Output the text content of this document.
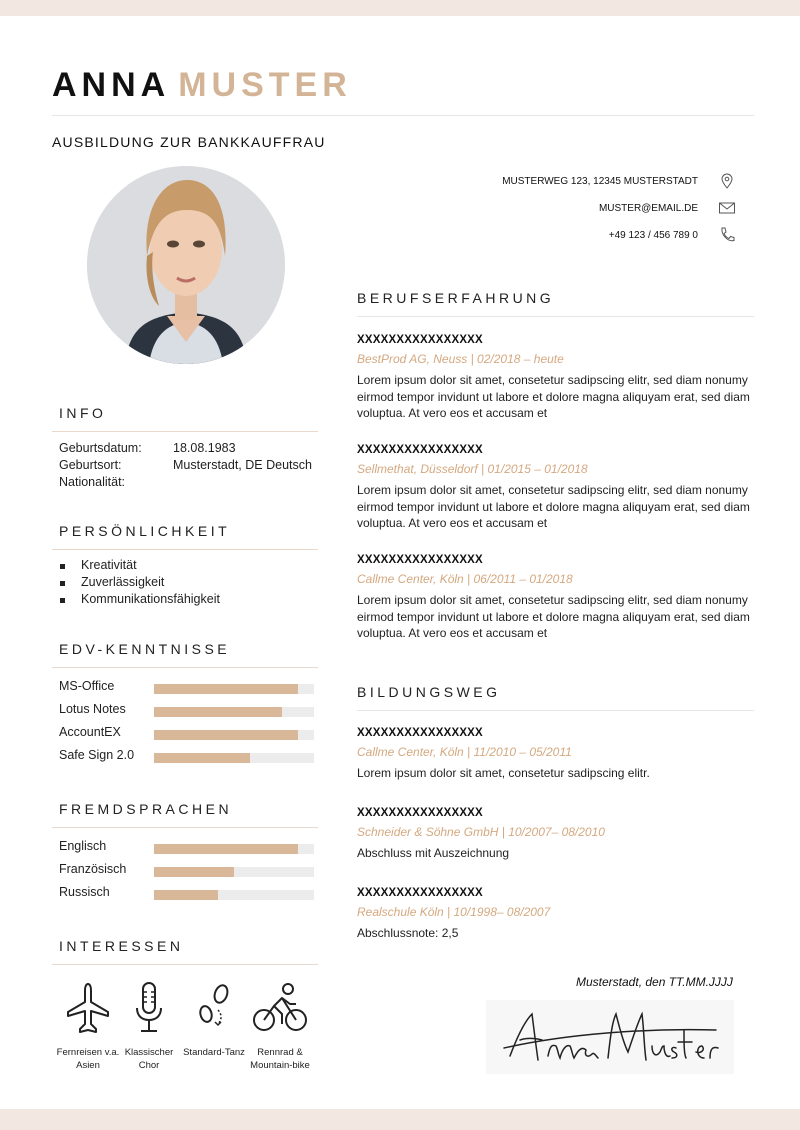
ANNA MUSTER
AUSBILDUNG ZUR BANKKAUFFRAU
MUSTERWEG 123, 12345 MUSTERSTADT
MUSTER@EMAIL.DE
+49 123 / 456 789 0
INFO
Geburtsdatum:	18.08.1983
Geburtsort:	Musterstadt, DE Deutsch
Nationalität:
PERSÖNLICHKEIT
Kreativität
Zuverlässigkeit
Kommunikationsfähigkeit
EDV-KENNTNISSE
MS-Office
Lotus Notes
AccountEX
Safe Sign 2.0
FREMDSPRACHEN
Englisch
Französisch
Russisch
INTERESSEN
Fernreisen v.a. Asien
Klassischer Chor
Standard-Tanz	Rennrad & Mountain-bike
BERUFSERFAHRUNG
XXXXXXXXXXXXXXXX
BestProd AG, Neuss | 02/2018 – heute
Lorem ipsum dolor sit amet, consetetur sadipscing elitr, sed diam nonumy eirmod tempor invidunt ut labore et dolore magna aliquyam erat, sed diam voluptua. At vero eos et accusam et
XXXXXXXXXXXXXXXX
Sellmethat, Düsseldorf | 01/2015 – 01/2018
Lorem ipsum dolor sit amet, consetetur sadipscing elitr, sed diam nonumy eirmod tempor invidunt ut labore et dolore magna aliquyam erat, sed diam voluptua. At vero eos et accusam et
XXXXXXXXXXXXXXXX
Callme Center, Köln | 06/2011 – 01/2018
Lorem ipsum dolor sit amet, consetetur sadipscing elitr, sed diam nonumy eirmod tempor invidunt ut labore et dolore magna aliquyam erat, sed diam voluptua. At vero eos et accusam et
BILDUNGSWEG
XXXXXXXXXXXXXXXX
Callme Center, Köln | 11/2010 – 05/2011
Lorem ipsum dolor sit amet, consetetur sadipscing elitr.
XXXXXXXXXXXXXXXX
Schneider & Söhne GmbH | 10/2007– 08/2010
Abschluss mit Auszeichnung
XXXXXXXXXXXXXXXX
Realschule Köln | 10/1998– 08/2007
Abschlussnote: 2,5
Musterstadt, den TT.MM.JJJJ
